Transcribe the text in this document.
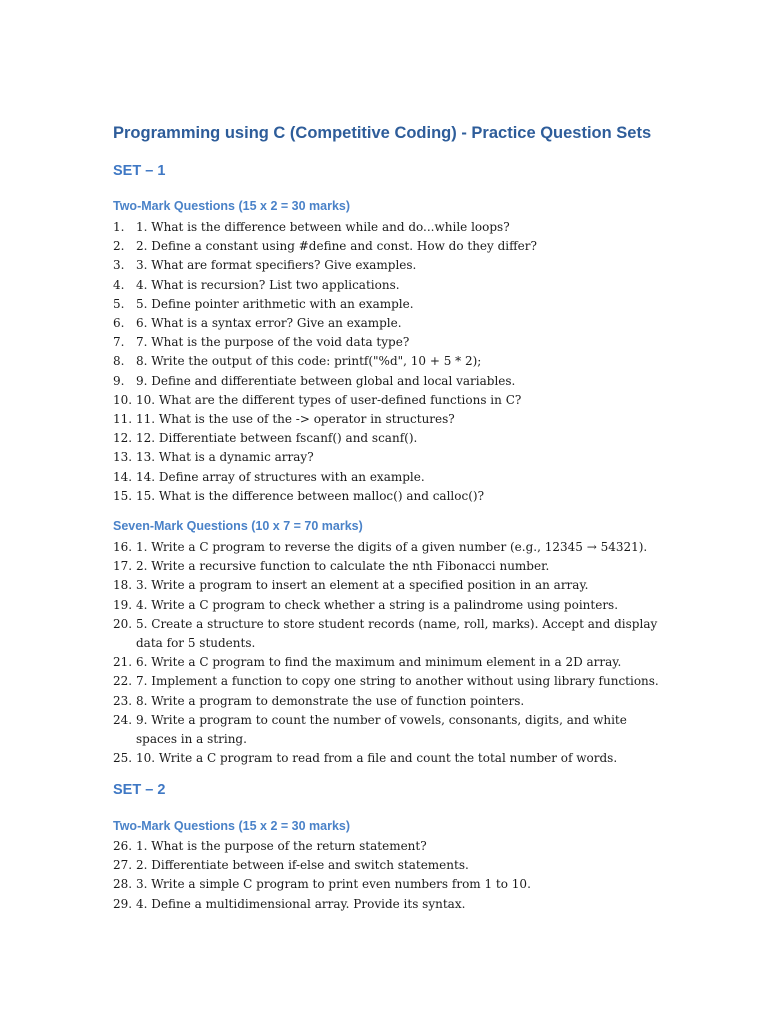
Programming using C (Competitive Coding) - Practice Question Sets
SET – 1
Two-Mark Questions (15 x 2 = 30 marks)
1. 1. What is the difference between while and do...while loops?
2. 2. Define a constant using #define and const. How do they differ?
3. 3. What are format specifiers? Give examples.
4. 4. What is recursion? List two applications.
5. 5. Define pointer arithmetic with an example.
6. 6. What is a syntax error? Give an example.
7. 7. What is the purpose of the void data type?
8. 8. Write the output of this code: printf("%d", 10 + 5 * 2);
9. 9. Define and differentiate between global and local variables.
10. 10. What are the different types of user-defined functions in C?
11. 11. What is the use of the -> operator in structures?
12. 12. Differentiate between fscanf() and scanf().
13. 13. What is a dynamic array?
14. 14. Define array of structures with an example.
15. 15. What is the difference between malloc() and calloc()?
Seven-Mark Questions (10 x 7 = 70 marks)
16. 1. Write a C program to reverse the digits of a given number (e.g., 12345 → 54321).
17. 2. Write a recursive function to calculate the nth Fibonacci number.
18. 3. Write a program to insert an element at a specified position in an array.
19. 4. Write a C program to check whether a string is a palindrome using pointers.
20. 5. Create a structure to store student records (name, roll, marks). Accept and display data for 5 students.
21. 6. Write a C program to find the maximum and minimum element in a 2D array.
22. 7. Implement a function to copy one string to another without using library functions.
23. 8. Write a program to demonstrate the use of function pointers.
24. 9. Write a program to count the number of vowels, consonants, digits, and white spaces in a string.
25. 10. Write a C program to read from a file and count the total number of words.
SET – 2
Two-Mark Questions (15 x 2 = 30 marks)
26. 1. What is the purpose of the return statement?
27. 2. Differentiate between if-else and switch statements.
28. 3. Write a simple C program to print even numbers from 1 to 10.
29. 4. Define a multidimensional array. Provide its syntax.
